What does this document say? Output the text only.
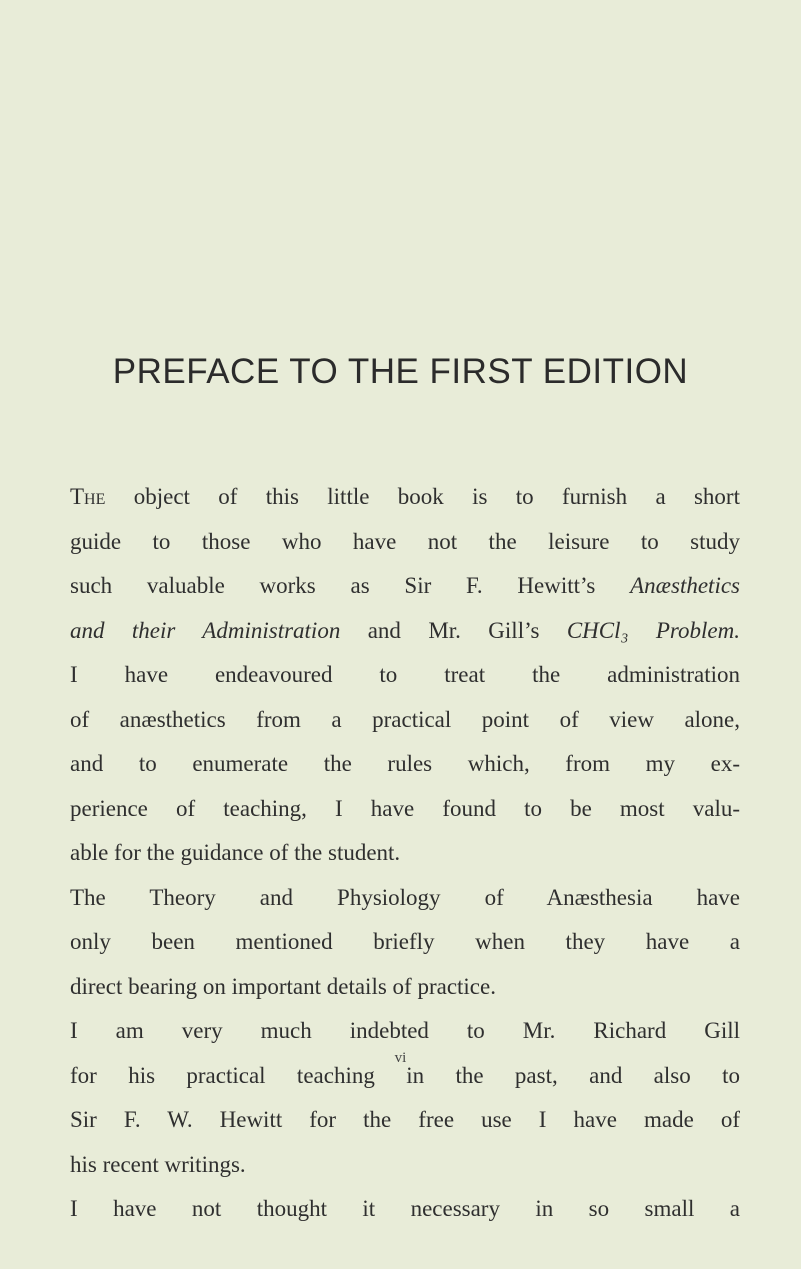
PREFACE TO THE FIRST EDITION
The object of this little book is to furnish a short
guide to those who have not the leisure to study
such valuable works as Sir F. Hewitt’s Anæsthetics
and their Administration and Mr. Gill’s CHCl₃ Problem.
I have endeavoured to treat the administration
of anæsthetics from a practical point of view alone,
and to enumerate the rules which, from my ex-
perience of teaching, I have found to be most valu-
able for the guidance of the student.
The Theory and Physiology of Anæsthesia have
only been mentioned briefly when they have a
direct bearing on important details of practice.
I am very much indebted to Mr. Richard Gill
for his practical teaching in the past, and also to
Sir F. W. Hewitt for the free use I have made of
his recent writings.
I have not thought it necessary in so small a
vi
